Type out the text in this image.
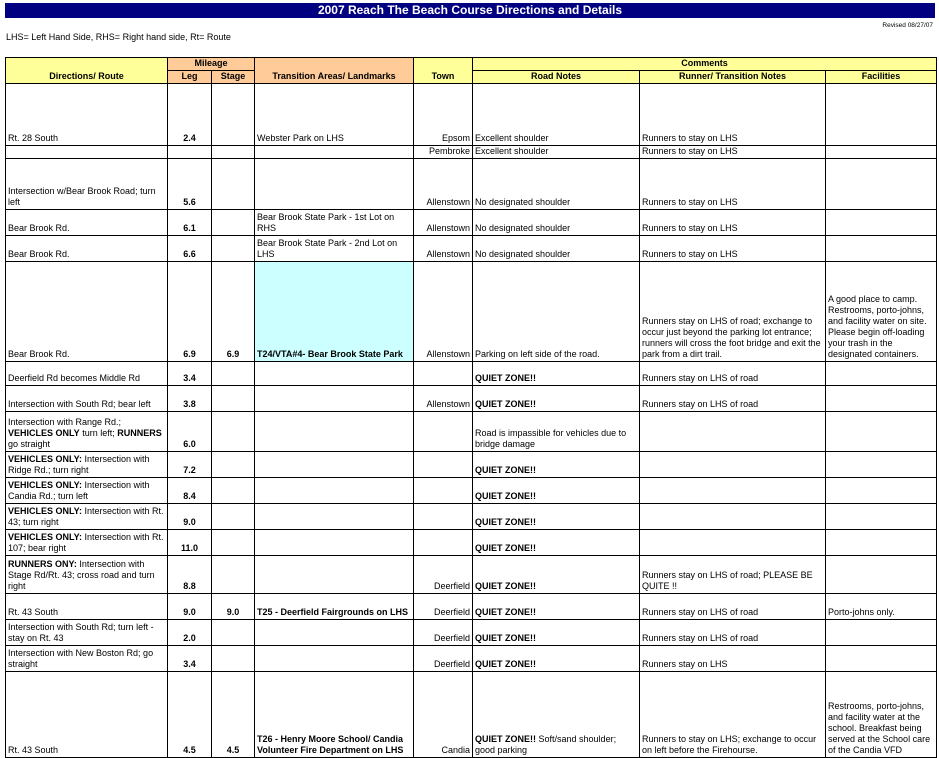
2007 Reach The Beach Course Directions and Details
Revised 08/27/07
LHS= Left Hand Side, RHS= Right hand side, Rt= Route
Directions/ Route	Mileage		Transition Areas/ Landmarks	Town	Comments		
	Leg	Stage			Road Notes	Runner/ Transition Notes	Facilities
Rt. 28 South	2.4		Webster Park on LHS	Epsom	Excellent shoulder	Runners to stay on LHS	
				Pembroke	Excellent shoulder	Runners to stay on LHS	
Intersection w/Bear Brook Road; turn left	5.6			Allenstown	No designated shoulder	Runners to stay on LHS	
Bear Brook Rd.	6.1		Bear Brook State Park - 1st Lot on RHS	Allenstown	No designated shoulder	Runners to stay on LHS	
Bear Brook Rd.	6.6		Bear Brook State Park - 2nd Lot on LHS	Allenstown	No designated shoulder	Runners to stay on LHS	
Bear Brook Rd.	6.9	6.9	T24/VTA#4- Bear Brook State Park	Allenstown	Parking on left side of the road.	Runners stay on LHS of road; exchange to occur just beyond the parking lot entrance; runners will cross the foot bridge and exit the park from a dirt trail.	A good place to camp. Restrooms, porto-johns, and facility water on site. Please begin off-loading your trash in the designated containers.
Deerfield Rd becomes Middle Rd	3.4				QUIET ZONE!!	Runners stay on LHS of road	
Intersection with South Rd; bear left	3.8			Allenstown	QUIET ZONE!!	Runners stay on LHS of road	
Intersection with Range Rd.; VEHICLES ONLY turn left; RUNNERS go straight	6.0				Road is impassible for vehicles due to bridge damage		
VEHICLES ONLY: Intersection with Ridge Rd.; turn right	7.2				QUIET ZONE!!		
VEHICLES ONLY: Intersection with Candia Rd.; turn left	8.4				QUIET ZONE!!		
VEHICLES ONLY: Intersection with Rt. 43; turn right	9.0				QUIET ZONE!!		
VEHICLES ONLY: Intersection with Rt. 107; bear right	11.0				QUIET ZONE!!		
RUNNERS ONY: Intersection with Stage Rd/Rt. 43; cross road and turn right	8.8			Deerfield	QUIET ZONE!!	Runners stay on LHS of road; PLEASE BE QUITE !!	
Rt. 43 South	9.0	9.0	T25 - Deerfield Fairgrounds on LHS	Deerfield	QUIET ZONE!!	Runners stay on LHS of road	Porto-johns only.
Intersection with South Rd; turn left - stay on Rt. 43	2.0			Deerfield	QUIET ZONE!!	Runners stay on LHS of road	
Intersection with New Boston Rd; go straight	3.4			Deerfield	QUIET ZONE!!	Runners stay on LHS	
Rt. 43 South	4.5	4.5	T26 - Henry Moore School/ Candia Volunteer Fire Department on LHS	Candia	QUIET ZONE!! Soft/sand shoulder; good parking	Runners to stay on LHS; exchange to occur on left before the Firehourse.	Restrooms, porto-johns, and facility water at the school. Breakfast being served at the School care of the Candia VFD
